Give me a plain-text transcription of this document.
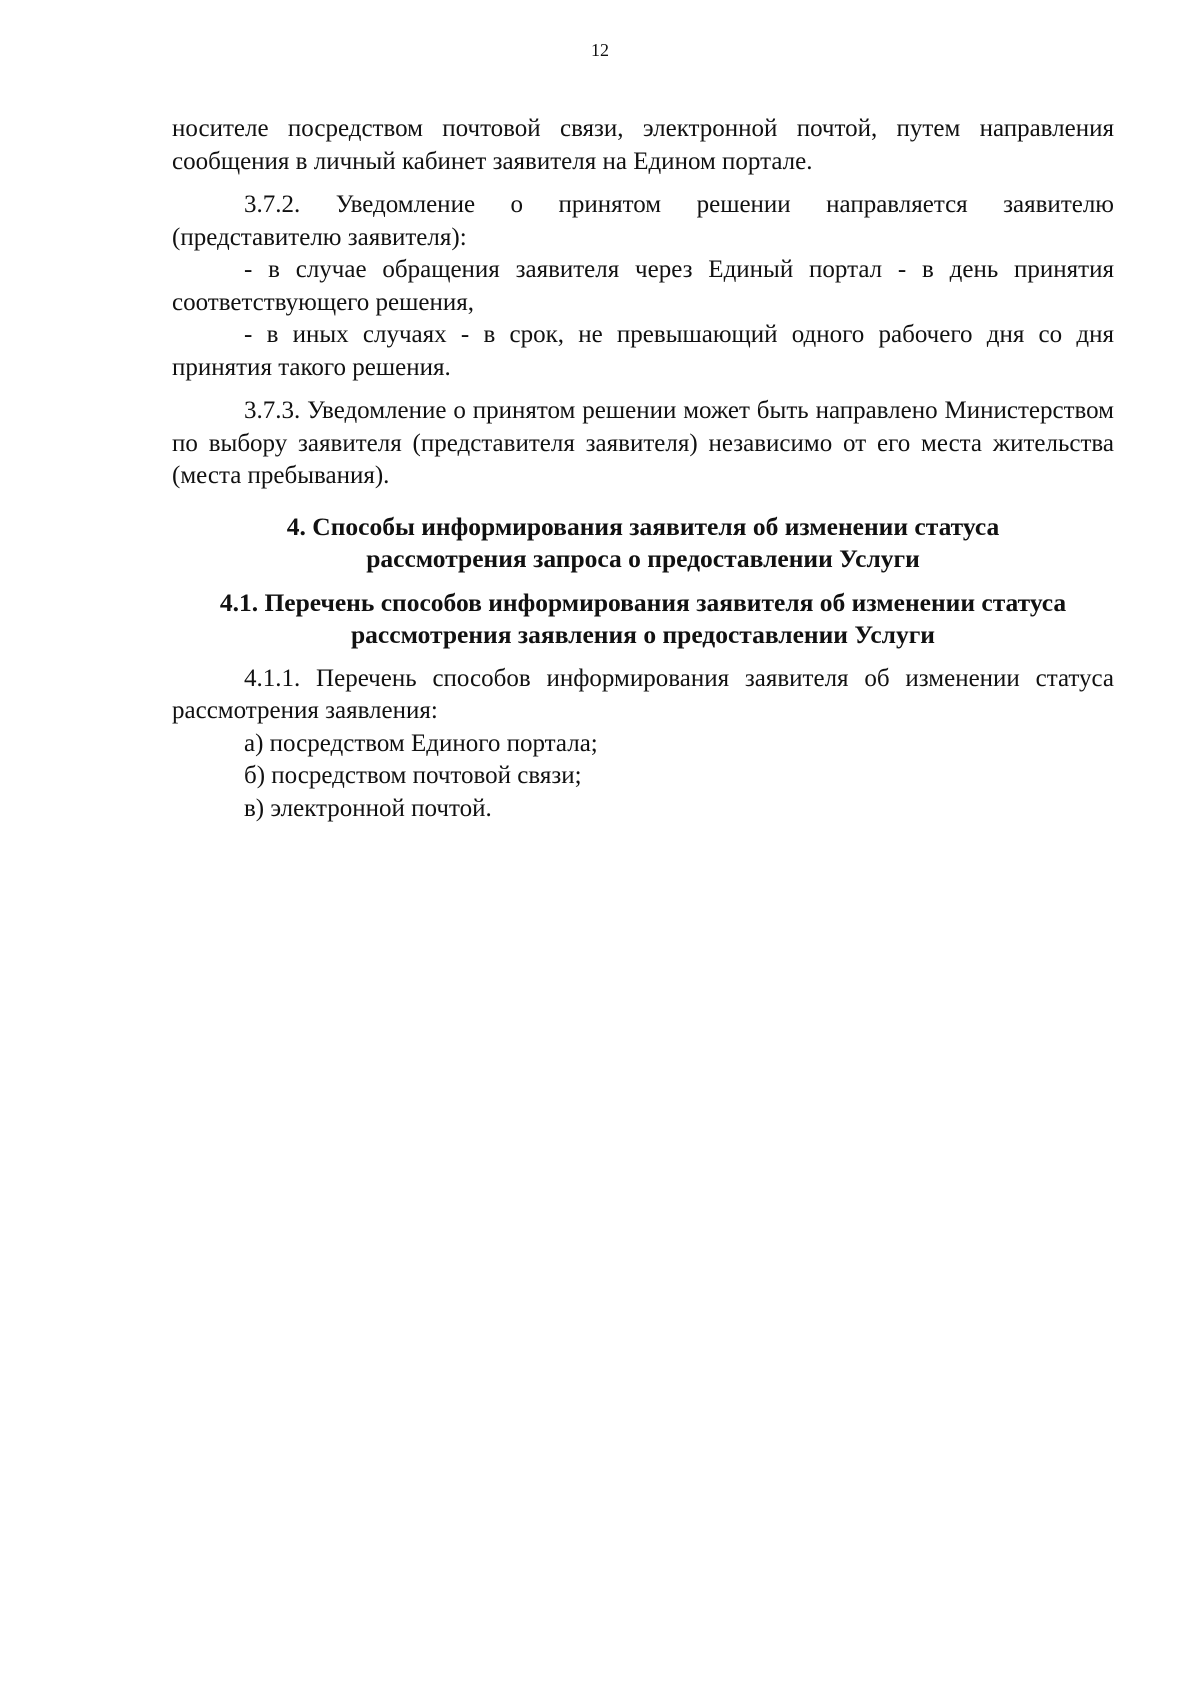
12

носителе посредством почтовой связи, электронной почтой, путем направления сообщения в личный кабинет заявителя на Едином портале.

3.7.2. Уведомление о принятом решении направляется заявителю (представителю заявителя):

- в случае обращения заявителя через Единый портал - в день принятия соответствующего решения,

- в иных случаях - в срок, не превышающий одного рабочего дня со дня принятия такого решения.

3.7.3. Уведомление о принятом решении может быть направлено Министерством по выбору заявителя (представителя заявителя) независимо от его места жительства (места пребывания).

4. Способы информирования заявителя об изменении статуса

рассмотрения запроса о предоставлении Услуги

4.1. Перечень способов информирования заявителя об изменении статуса

рассмотрения заявления о предоставлении Услуги

4.1.1. Перечень способов информирования заявителя об изменении статуса рассмотрения заявления:

а) посредством Единого портала;

б) посредством почтовой связи;

в) электронной почтой.
